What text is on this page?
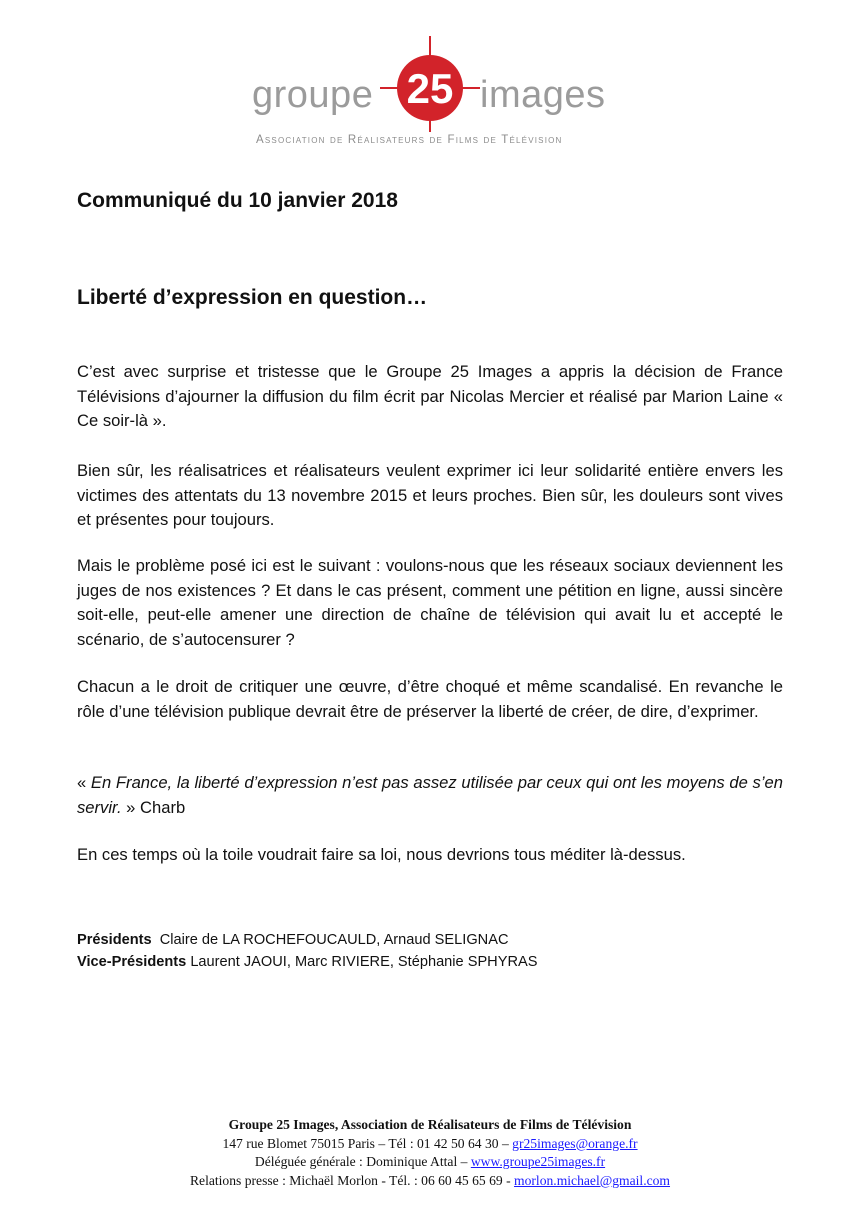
groupe 25 images
Association de Réalisateurs de Films de Télévision
Communiqué du 10 janvier 2018
Liberté d’expression en question…

C’est avec surprise et tristesse que le Groupe 25 Images a appris la décision de France Télévisions d’ajourner la diffusion du film écrit par Nicolas Mercier et réalisé par Marion Laine « Ce soir-là ».

Bien sûr, les réalisatrices et réalisateurs veulent exprimer ici leur solidarité entière envers les victimes des attentats du 13 novembre 2015 et leurs proches. Bien sûr, les douleurs sont vives et présentes pour toujours.

Mais le problème posé ici est le suivant : voulons-nous que les réseaux sociaux deviennent les juges de nos existences ? Et dans le cas présent, comment une pétition en ligne, aussi sincère soit-elle, peut-elle amener une direction de chaîne de télévision qui avait lu et accepté le scénario, de s’autocensurer ?

Chacun a le droit de critiquer une œuvre, d’être choqué et même scandalisé. En revanche le rôle d’une télévision publique devrait être de préserver la liberté de créer, de dire, d’exprimer.

« En France, la liberté d’expression n’est pas assez utilisée par ceux qui ont les moyens de s’en servir. » Charb

En ces temps où la toile voudrait faire sa loi, nous devrions tous méditer là-dessus.

Présidents Claire de LA ROCHEFOUCAULD, Arnaud SELIGNAC
Vice-Présidents Laurent JAOUI, Marc RIVIERE, Stéphanie SPHYRAS
Groupe 25 Images, Association de Réalisateurs de Films de Télévision
147 rue Blomet 75015 Paris – Tél : 01 42 50 64 30 – gr25images@orange.fr
Déléguée générale : Dominique Attal – www.groupe25images.fr
Relations presse : Michaël Morlon - Tél. : 06 60 45 65 69 - morlon.michael@gmail.com
